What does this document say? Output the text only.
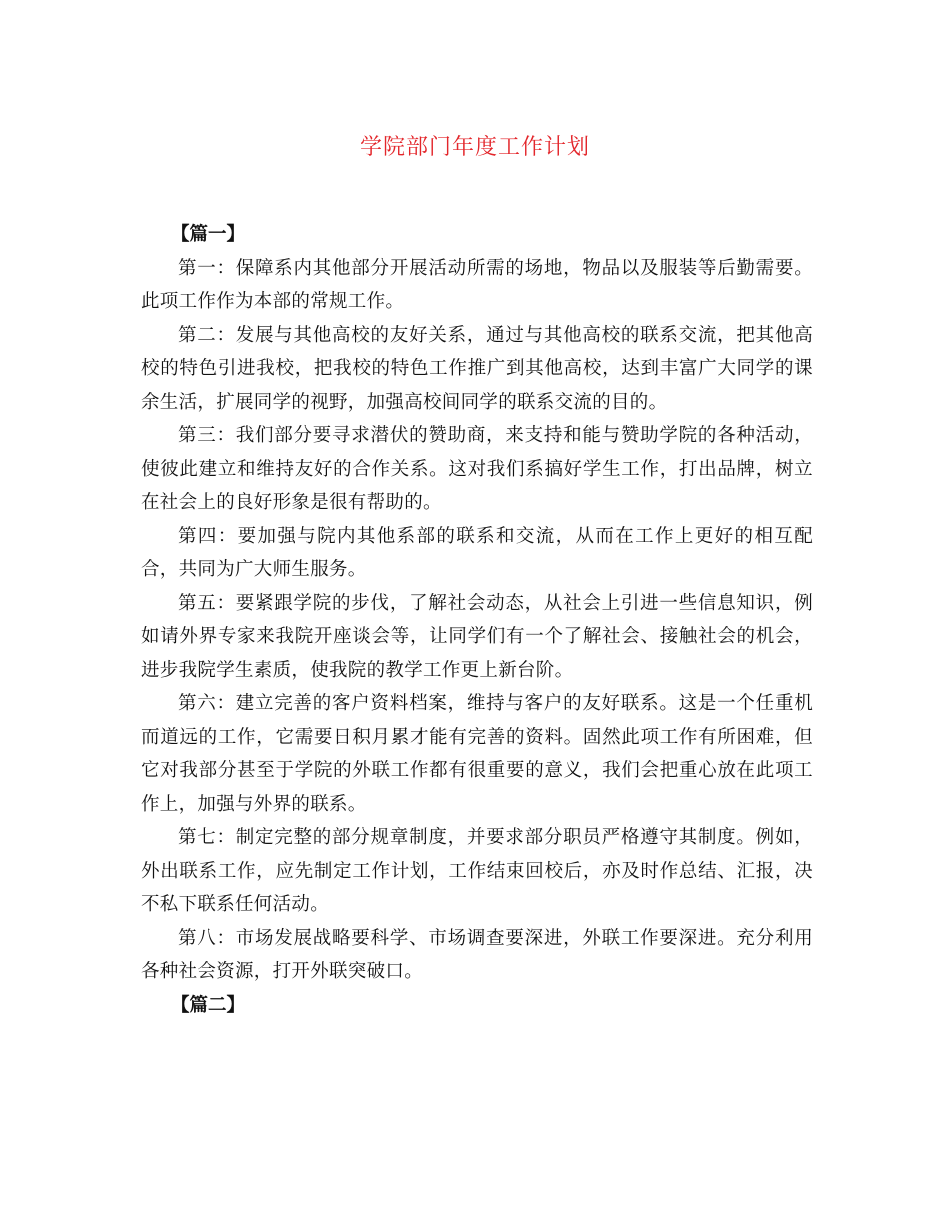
学院部门年度工作计划

【篇一】

第一：保障系内其他部分开展活动所需的场地，物品以及服装等后勤需要。此项工作作为本部的常规工作。

第二：发展与其他高校的友好关系，通过与其他高校的联系交流，把其他高校的特色引进我校，把我校的特色工作推广到其他高校，达到丰富广大同学的课余生活，扩展同学的视野，加强高校间同学的联系交流的目的。

第三：我们部分要寻求潜伏的赞助商，来支持和能与赞助学院的各种活动，使彼此建立和维持友好的合作关系。这对我们系搞好学生工作，打出品牌，树立在社会上的良好形象是很有帮助的。

第四：要加强与院内其他系部的联系和交流，从而在工作上更好的相互配合，共同为广大师生服务。

第五：要紧跟学院的步伐，了解社会动态，从社会上引进一些信息知识，例如请外界专家来我院开座谈会等，让同学们有一个了解社会、接触社会的机会，进步我院学生素质，使我院的教学工作更上新台阶。

第六：建立完善的客户资料档案，维持与客户的友好联系。这是一个任重机而道远的工作，它需要日积月累才能有完善的资料。固然此项工作有所困难，但它对我部分甚至于学院的外联工作都有很重要的意义，我们会把重心放在此项工作上，加强与外界的联系。

第七：制定完整的部分规章制度，并要求部分职员严格遵守其制度。例如，外出联系工作，应先制定工作计划，工作结束回校后，亦及时作总结、汇报，决不私下联系任何活动。

第八：市场发展战略要科学、市场调查要深进，外联工作要深进。充分利用各种社会资源，打开外联突破口。

【篇二】
